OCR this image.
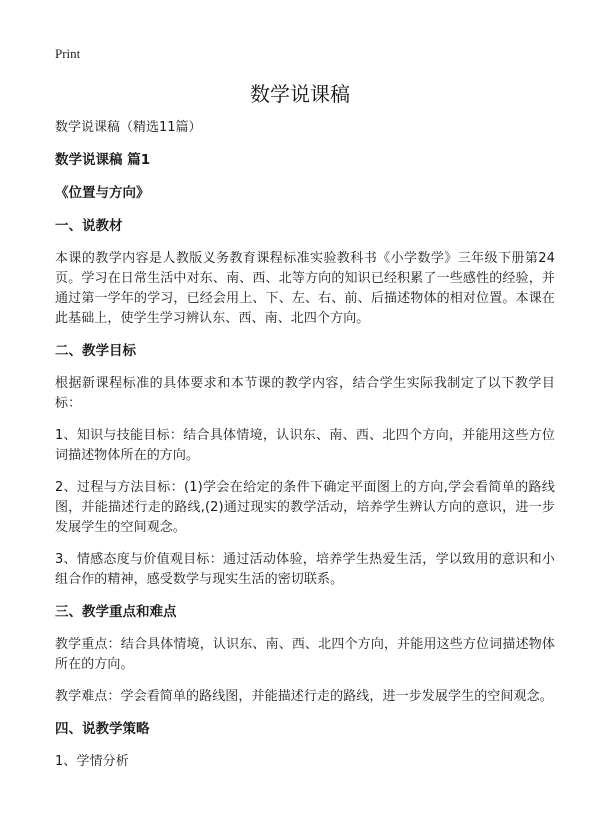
Print
数学说课稿

数学说课稿（精选11篇）

数学说课稿 篇1
《位置与方向》
一、说教材

本课的教学内容是人教版义务教育课程标准实验教科书《小学数学》三年级下册第24页。学习在日常生活中对东、南、西、北等方向的知识已经积累了一些感性的经验，并通过第一学年的学习，已经会用上、下、左、右、前、后描述物体的相对位置。本课在此基础上，使学生学习辨认东、西、南、北四个方向。

二、教学目标

根据新课程标准的具体要求和本节课的教学内容，结合学生实际我制定了以下教学目标：

1、知识与技能目标：结合具体情境，认识东、南、西、北四个方向，并能用这些方位词描述物体所在的方向。

2、过程与方法目标：(1)学会在给定的条件下确定平面图上的方向,学会看简单的路线图，并能描述行走的路线,(2)通过现实的教学活动，培养学生辨认方向的意识，进一步发展学生的空间观念。

3、情感态度与价值观目标：通过活动体验，培养学生热爱生活，学以致用的意识和小组合作的精神，感受数学与现实生活的密切联系。

三、教学重点和难点

教学重点：结合具体情境，认识东、南、西、北四个方向，并能用这些方位词描述物体所在的方向。

教学难点：学会看简单的路线图，并能描述行走的路线，进一步发展学生的空间观念。

四、说教学策略

1、学情分析
